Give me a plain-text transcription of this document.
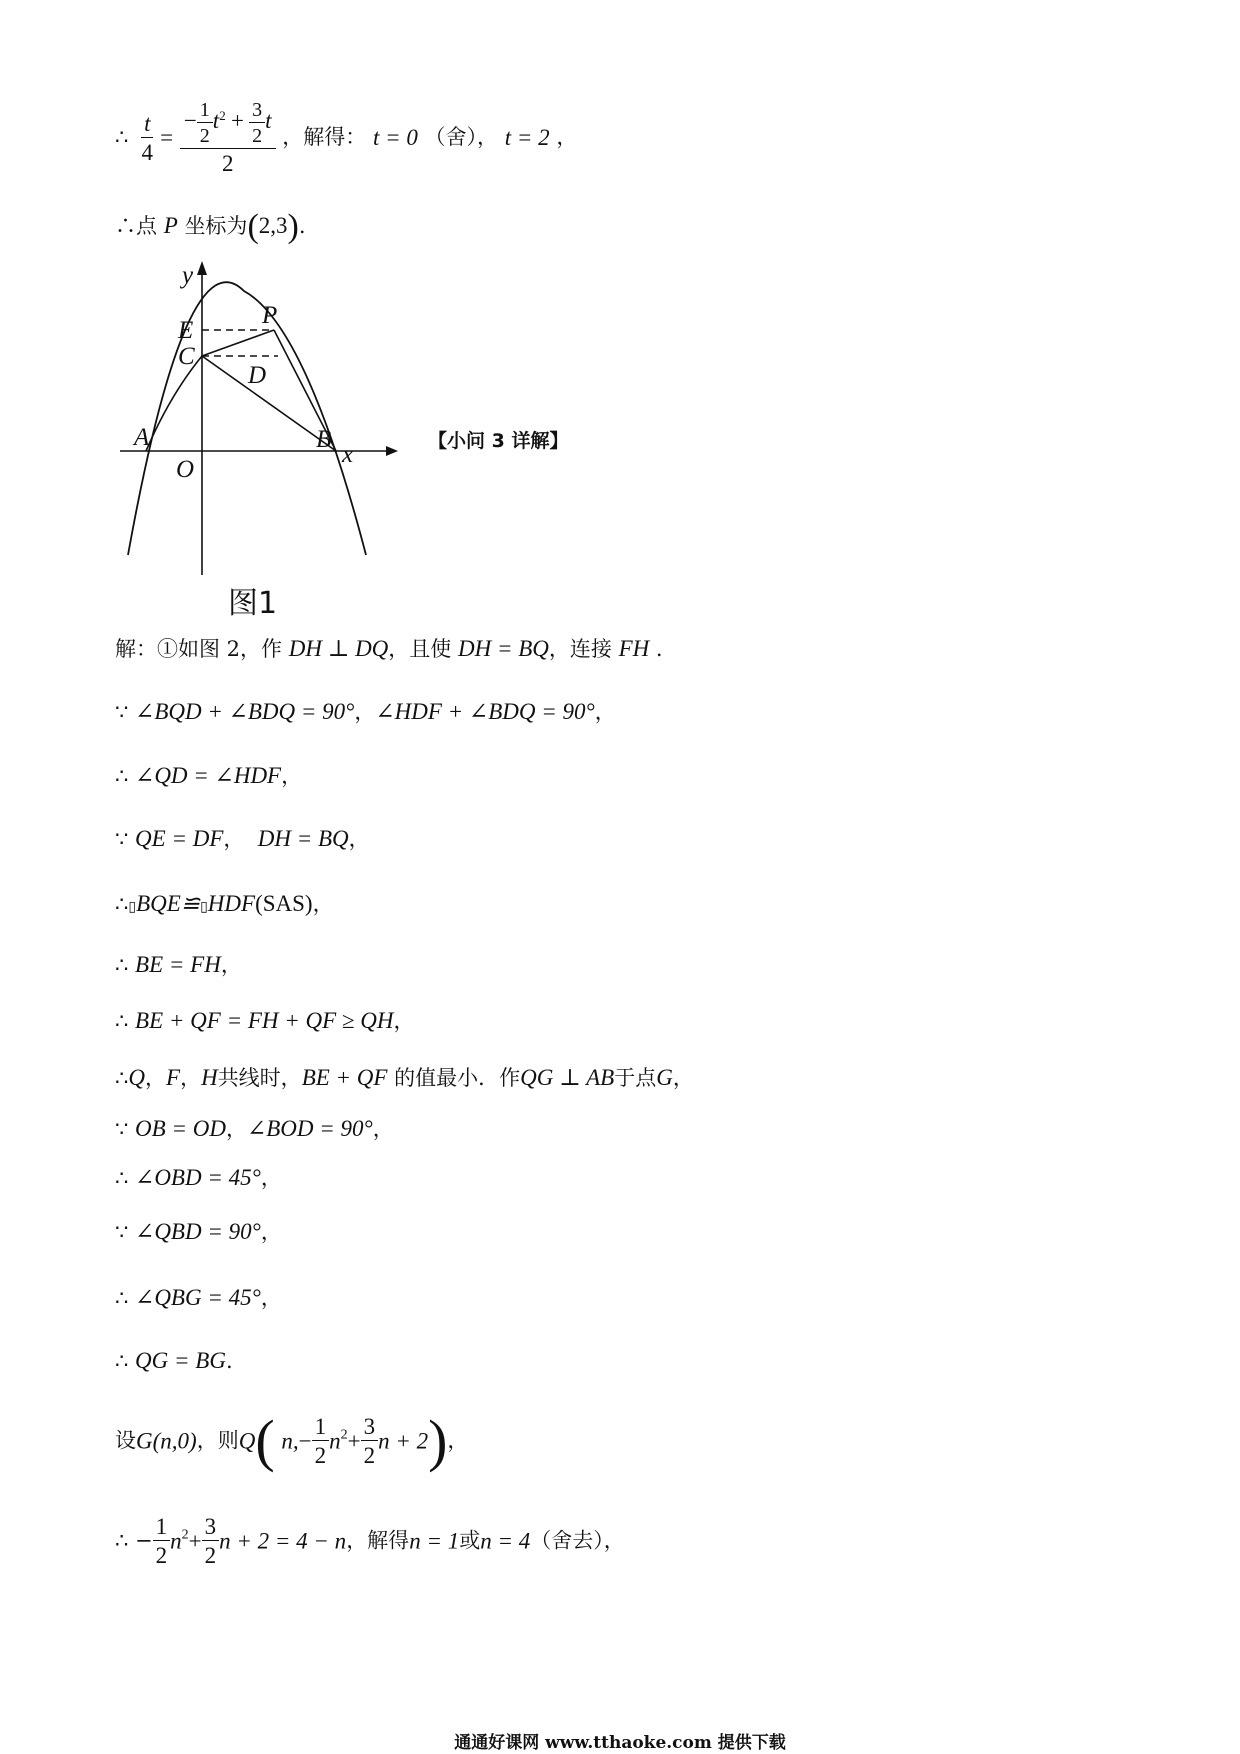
∴ $\frac{t}{4} = \frac{- \frac{1}{2} t^2 + \frac{3}{2} t}{2}$ ，解得： t = 0 （舍）， t = 2 ，
∴点 P 坐标为(2,3).
y
x
E
P
C
D
A	B
O
图1
【小问 3 详解】
解：①如图 2，作 DH ⊥ DQ，且使 DH = BQ，连接 FH .
∵ ∠BQD + ∠BDQ = 90°，∠HDF + ∠BDQ = 90°，
∴ ∠QD = ∠HDF，
∵ QE = DF，  DH = BQ，
∴▯BQE≌▯HDF(SAS)，
∴ BE = FH，
∴ BE + QF = FH + QF ≥ QH，
∴Q，F，H共线时，BE + QF 的值最小．作QG ⊥ AB于点G，
∵ OB = OD，∠BOD = 90°，
∴ ∠OBD = 45°，
∵ ∠QBD = 90°，
∴ ∠QBG = 45°，
∴ QG = BG.
设G(n,0)，则Q( $n,- \frac{1}{2} n^2+ \frac{3}{2}$ n + 2)，
∴ − $\frac{1}{2} n^2+ \frac{3}{2}$ n + 2 = 4 − n，解得n = 1或n = 4（舍去），
通通好课网 www.tthaoke.com 提供下载
